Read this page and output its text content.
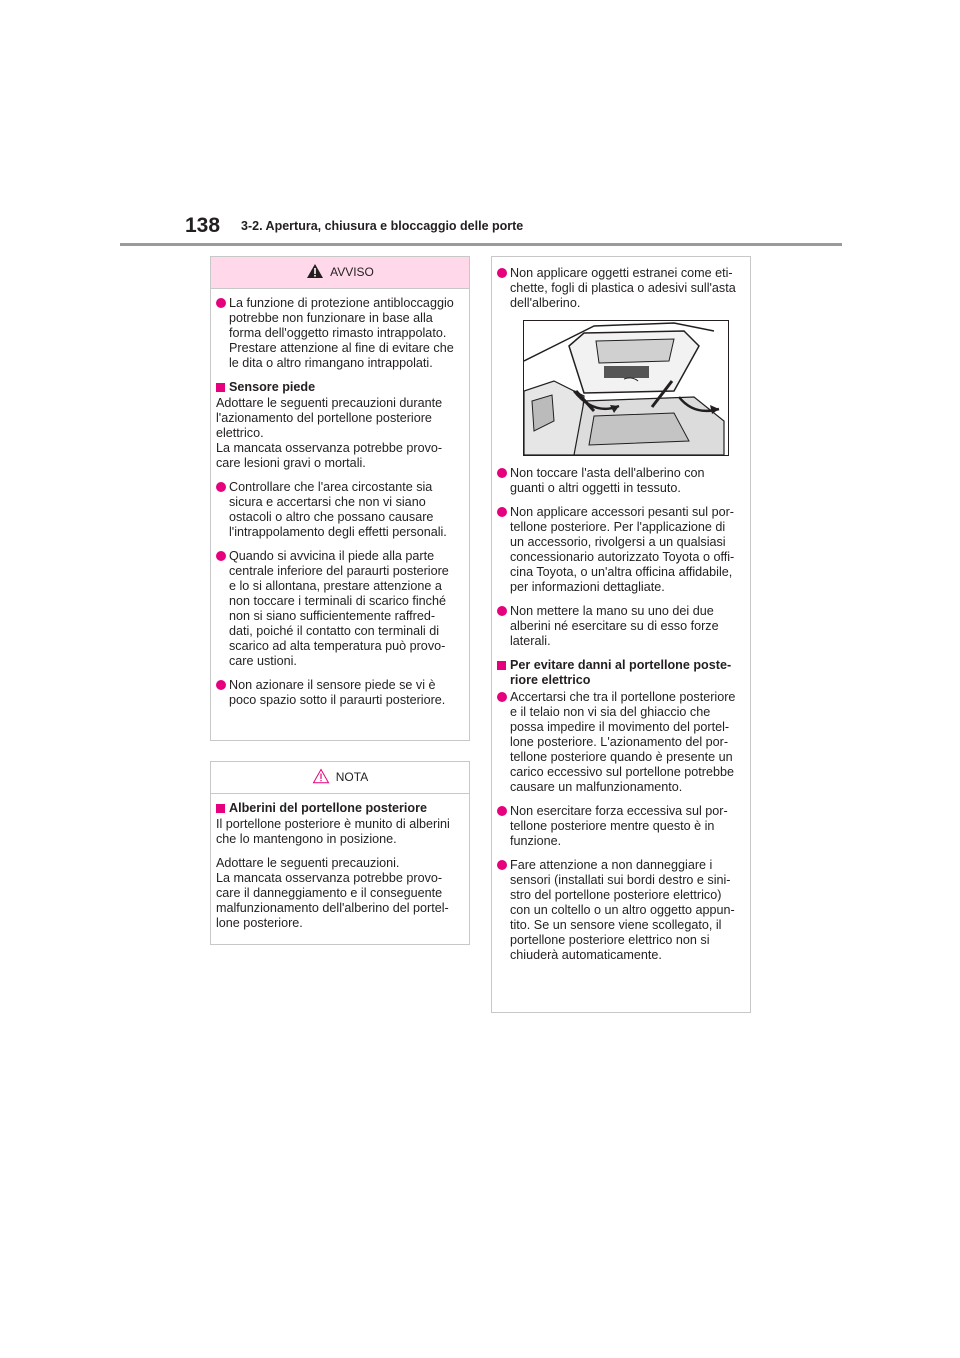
138 3-2. Apertura, chiusura e bloccaggio delle porte
AVVISO
La funzione di protezione antibloccaggio
potrebbe non funzionare in base alla
forma dell'oggetto rimasto intrappolato.
Prestare attenzione al fine di evitare che
le dita o altro rimangano intrappolati.
Sensore piede
Adottare le seguenti precauzioni durante
l'azionamento del portellone posteriore
elettrico.
La mancata osservanza potrebbe provo-
care lesioni gravi o mortali.
Controllare che l'area circostante sia
sicura e accertarsi che non vi siano
ostacoli o altro che possano causare
l'intrappolamento degli effetti personali.
Quando si avvicina il piede alla parte
centrale inferiore del paraurti posteriore
e lo si allontana, prestare attenzione a
non toccare i terminali di scarico finché
non si siano sufficientemente raffred-
dati, poiché il contatto con terminali di
scarico ad alta temperatura può provo-
care ustioni.
Non azionare il sensore piede se vi è
poco spazio sotto il paraurti posteriore.
NOTA
Alberini del portellone posteriore
Il portellone posteriore è munito di alberini
che lo mantengono in posizione.
Adottare le seguenti precauzioni.
La mancata osservanza potrebbe provo-
care il danneggiamento e il conseguente
malfunzionamento dell'alberino del portel-
lone posteriore.
Non applicare oggetti estranei come eti-
chette, fogli di plastica o adesivi sull'asta
dell'alberino.
Non toccare l'asta dell'alberino con
guanti o altri oggetti in tessuto.
Non applicare accessori pesanti sul por-
tellone posteriore. Per l'applicazione di
un accessorio, rivolgersi a un qualsiasi
concessionario autorizzato Toyota o offi-
cina Toyota, o un'altra officina affidabile,
per informazioni dettagliate.
Non mettere la mano su uno dei due
alberini né esercitare su di esso forze
laterali.
Per evitare danni al portellone poste-
riore elettrico
Accertarsi che tra il portellone posteriore
e il telaio non vi sia del ghiaccio che
possa impedire il movimento del portel-
lone posteriore. L'azionamento del por-
tellone posteriore quando è presente un
carico eccessivo sul portellone potrebbe
causare un malfunzionamento.
Non esercitare forza eccessiva sul por-
tellone posteriore mentre questo è in
funzione.
Fare attenzione a non danneggiare i
sensori (installati sui bordi destro e sini-
stro del portellone posteriore elettrico)
con un coltello o un altro oggetto appun-
tito. Se un sensore viene scollegato, il
portellone posteriore elettrico non si
chiuderà automaticamente.
